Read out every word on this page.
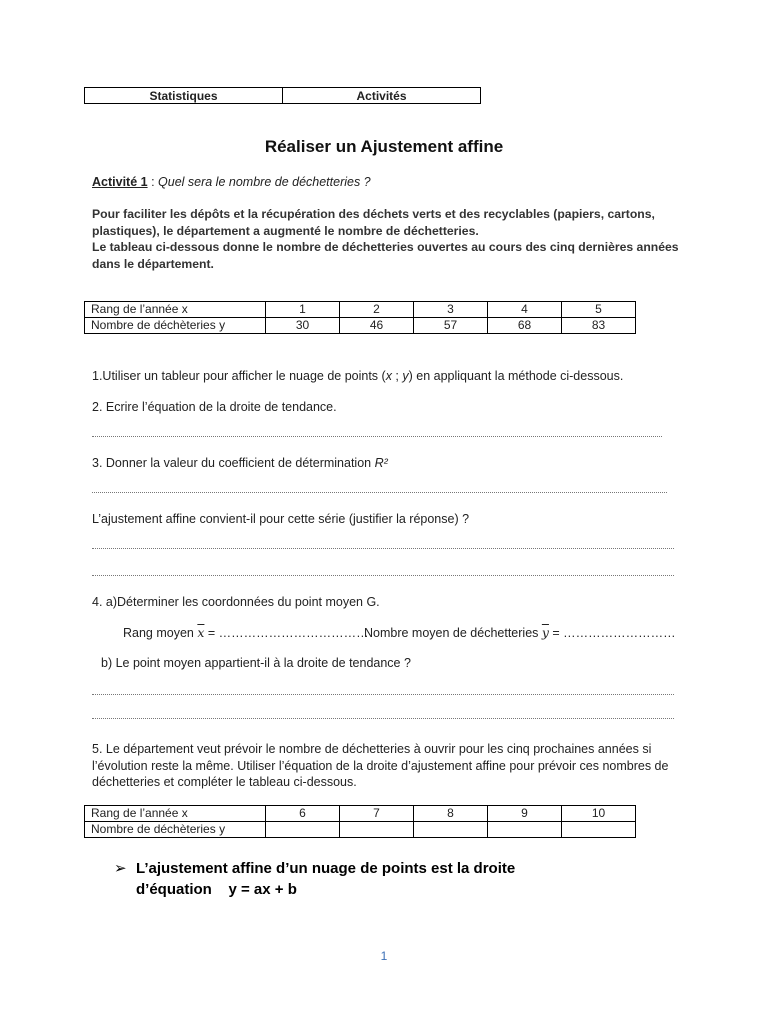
Statistiques	Activités
Réaliser un Ajustement affine
Activité 1 : Quel sera le nombre de déchetteries ?

Pour faciliter les dépôts et la récupération des déchets verts et des recyclables (papiers, cartons, plastiques), le département a augmenté le nombre de déchetteries.

Le tableau ci-dessous donne le nombre de déchetteries ouvertes au cours des cinq dernières années dans le département.

Rang de l’année x	1	2	3	4	5
Nombre de déchèteries y	30	46	57	68	83
1.Utiliser un tableur pour afficher le nuage de points (x ; y) en appliquant la méthode ci-dessous.
2. Ecrire l’équation de la droite de tendance.
3. Donner la valeur du coefficient de détermination R²
L’ajustement affine convient-il pour cette série (justifier la réponse) ?
4. a)Déterminer les coordonnées du point moyen G.
Rang moyen $\overline{x}$ = ………………………………
Nombre moyen de déchetteries $\overline{y}$ = ………………………
b) Le point moyen appartient-il à la droite de tendance ?

5. Le département veut prévoir le nombre de déchetteries à ouvrir pour les cinq prochaines années si l’évolution reste la même. Utiliser l’équation de la droite d’ajustement affine pour prévoir ces nombres de déchetteries et compléter le tableau ci-dessous.

Rang de l’année x	6	7	8	9	10
Nombre de déchèteries y					
➢ L’ajustement affine d’un nuage de points est la droite
d’équation    y = ax + b
1
